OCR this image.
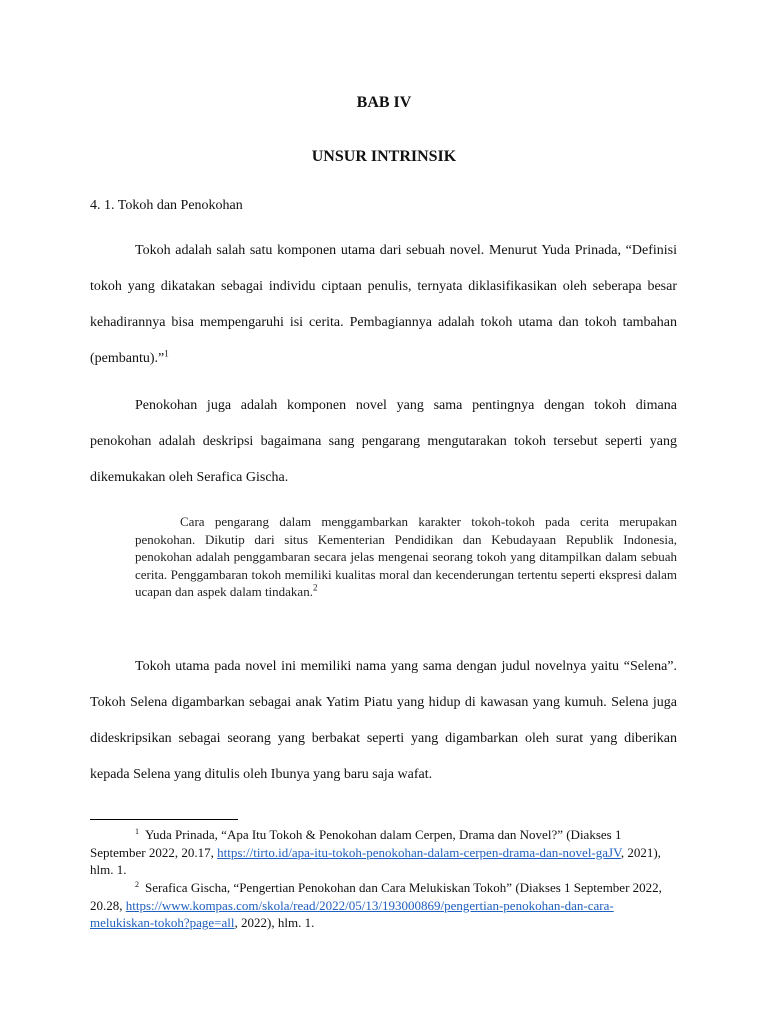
BAB IV
UNSUR INTRINSIK
4. 1. Tokoh dan Penokohan

Tokoh adalah salah satu komponen utama dari sebuah novel. Menurut Yuda Prinada, “Definisi tokoh yang dikatakan sebagai individu ciptaan penulis, ternyata diklasifikasikan oleh seberapa besar kehadirannya bisa mempengaruhi isi cerita. Pembagiannya adalah tokoh utama dan tokoh tambahan (pembantu).”$^1$

Penokohan juga adalah komponen novel yang sama pentingnya dengan tokoh dimana penokohan adalah deskripsi bagaimana sang pengarang mengutarakan tokoh tersebut seperti yang dikemukakan oleh Serafica Gischa.

Cara pengarang dalam menggambarkan karakter tokoh-tokoh pada cerita merupakan penokohan. Dikutip dari situs Kementerian Pendidikan dan Kebudayaan Republik Indonesia, penokohan adalah penggambaran secara jelas mengenai seorang tokoh yang ditampilkan dalam sebuah cerita. Penggambaran tokoh memiliki kualitas moral dan kecenderungan tertentu seperti ekspresi dalam ucapan dan aspek dalam tindakan.$^2$

Tokoh utama pada novel ini memiliki nama yang sama dengan judul novelnya yaitu “Selena”. Tokoh Selena digambarkan sebagai anak Yatim Piatu yang hidup di kawasan yang kumuh. Selena juga dideskripsikan sebagai seorang yang berbakat seperti yang digambarkan oleh surat yang diberikan kepada Selena yang ditulis oleh Ibunya yang baru saja wafat.

$^1$ Yuda Prinada, “Apa Itu Tokoh & Penokohan dalam Cerpen, Drama dan Novel?” (Diakses 1 September 2022, 20.17, https://tirto.id/apa-itu-tokoh-penokohan-dalam-cerpen-drama-dan-novel-gaJV, 2021), hlm. 1.

$^2$ Serafica Gischa, “Pengertian Penokohan dan Cara Melukiskan Tokoh” (Diakses 1 September 2022, 20.28, https://www.kompas.com/skola/read/2022/05/13/193000869/pengertian-penokohan-dan-cara-melukiskan-tokoh?page=all, 2022), hlm. 1.
